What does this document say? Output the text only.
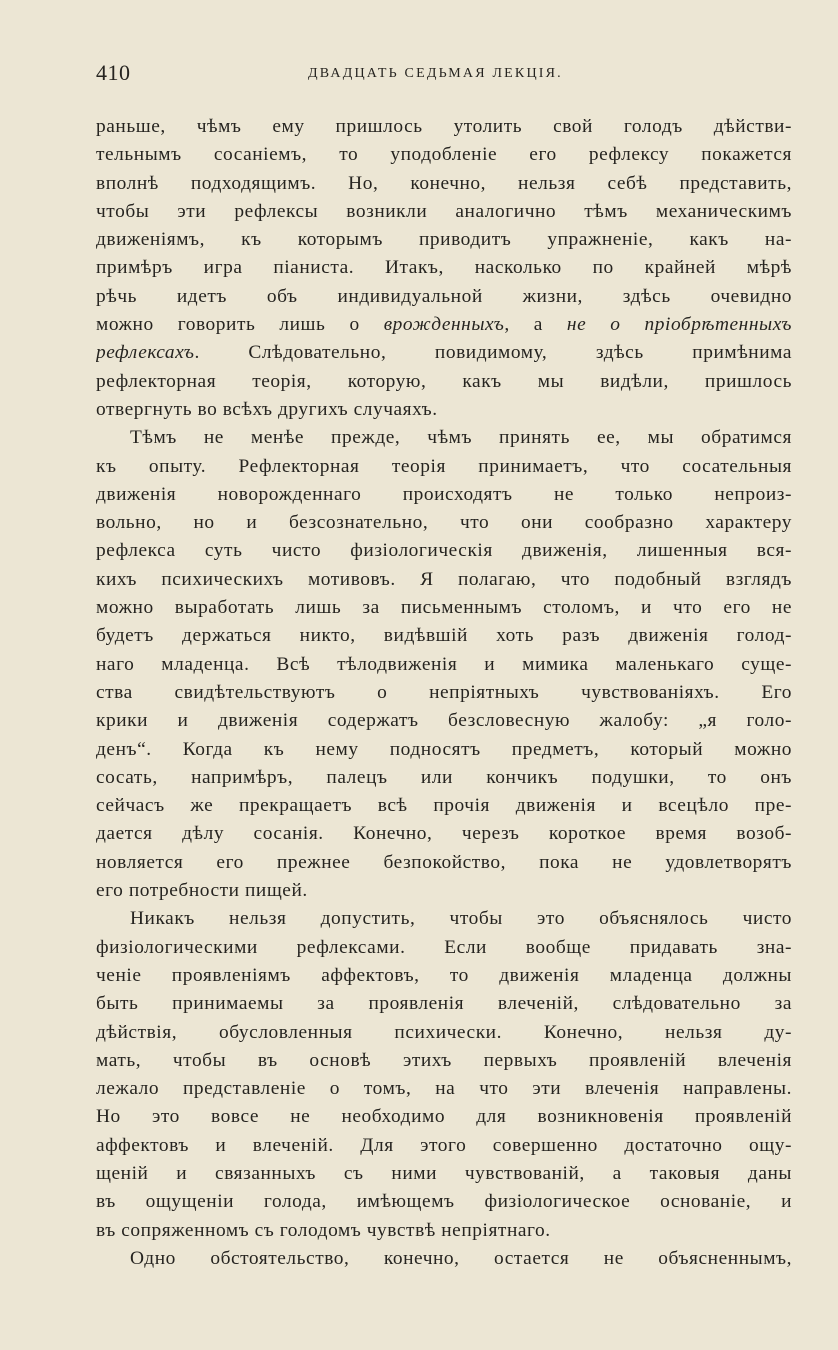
410	ДВАДЦАТЬ СЕДЬМАЯ ЛЕКЦІЯ.
раньше, чѣмъ ему пришлось утолить свой голодъ дѣйстви-
тельнымъ сосаніемъ, то уподобленіе его рефлексу покажется
вполнѣ подходящимъ. Но, конечно, нельзя себѣ представить,
чтобы эти рефлексы возникли аналогично тѣмъ механическимъ
движеніямъ, къ которымъ приводитъ упражненіе, какъ на-
примѣръ игра піаниста. Итакъ, насколько по крайней мѣрѣ
рѣчь идетъ объ индивидуальной жизни, здѣсь очевидно
можно говорить лишь о врожденныхъ, а не о пріобрѣтенныхъ
рефлексахъ. Слѣдовательно, повидимому, здѣсь примѣнима
рефлекторная теорія, которую, какъ мы видѣли, пришлось
отвергнуть во всѣхъ другихъ случаяхъ.
Тѣмъ не менѣе прежде, чѣмъ принять ее, мы обратимся
къ опыту. Рефлекторная теорія принимаетъ, что сосательныя
движенія новорожденнаго происходятъ не только непроиз-
вольно, но и безсознательно, что они сообразно характеру
рефлекса суть чисто физіологическія движенія, лишенныя вся-
кихъ психическихъ мотивовъ. Я полагаю, что подобный взглядъ
можно выработать лишь за письменнымъ столомъ, и что его не
будетъ держаться никто, видѣвшій хоть разъ движенія голод-
наго младенца. Всѣ тѣлодвиженія и мимика маленькаго суще-
ства свидѣтельствуютъ о непріятныхъ чувствованіяхъ. Его
крики и движенія содержатъ безсловесную жалобу: „я голо-
денъ“. Когда къ нему подносятъ предметъ, который можно
сосать, напримѣръ, палецъ или кончикъ подушки, то онъ
сейчасъ же прекращаетъ всѣ прочія движенія и всецѣло пре-
дается дѣлу сосанія. Конечно, черезъ короткое время возоб-
новляется его прежнее безпокойство, пока не удовлетворятъ
его потребности пищей.
Никакъ нельзя допустить, чтобы это объяснялось чисто
физіологическими рефлексами. Если вообще придавать зна-
ченіе проявленіямъ аффектовъ, то движенія младенца должны
быть принимаемы за проявленія влеченій, слѣдовательно за
дѣйствія, обусловленныя психически. Конечно, нельзя ду-
мать, чтобы въ основѣ этихъ первыхъ проявленій влеченія
лежало представленіе о томъ, на что эти влеченія направлены.
Но это вовсе не необходимо для возникновенія проявленій
аффектовъ и влеченій. Для этого совершенно достаточно ощу-
щеній и связанныхъ съ ними чувствованій, а таковыя даны
въ ощущеніи голода, имѣющемъ физіологическое основаніе, и
въ сопряженномъ съ голодомъ чувствѣ непріятнаго.
Одно обстоятельство, конечно, остается не объясненнымъ,
